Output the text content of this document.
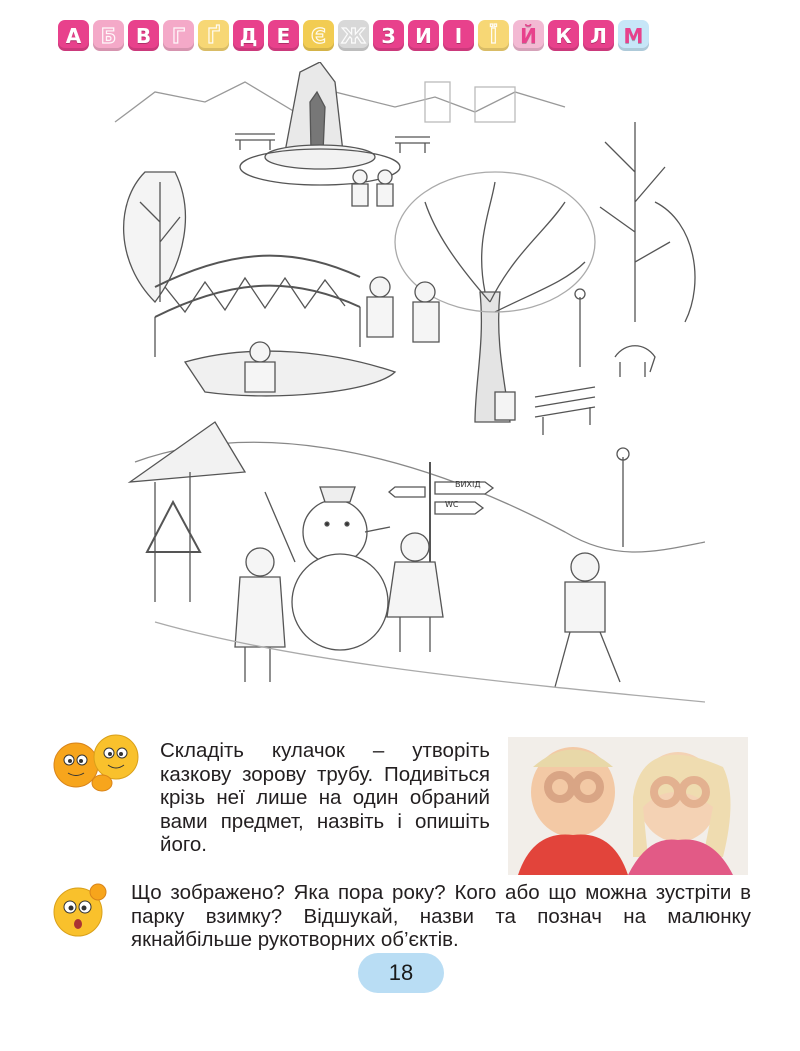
А Б В Г Ґ Д Е Є Ж З И І Ї Й К Л М
ВИХІД
WC
Складіть кулачок – утворіть казкову зорову трубу. Подивіться крізь неї лише на один обраний вами предмет, назвіть і опишіть його.
Що зображено? Яка пора року? Кого або що можна зустріти в парку взимку? Відшукай, назви та познач на малюнку якнайбільше рукотворних об’єктів.
18
